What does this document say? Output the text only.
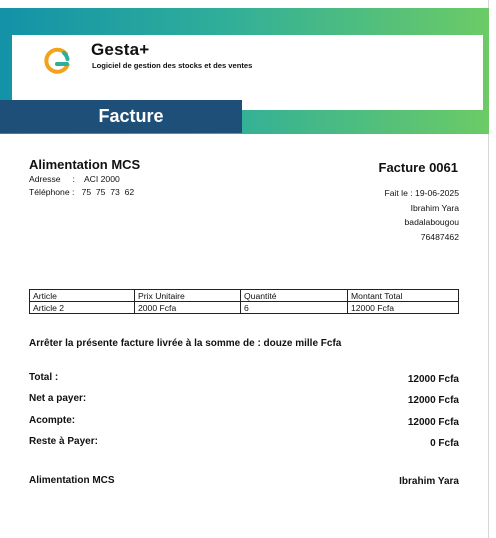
Gesta+
Logiciel de gestion des stocks et des ventes
Facture
puissant. Gérer facilement les aspects clé de votre entreprise dès aujourd'hui !
Alimentation MCS
Adresse     :    ACI 2000
Téléphone : 75  75  73  62
Facture 0061
Fait le : 19-06-2025
Ibrahim Yara
badalabougou
76487462
Article	Prix Unitaire	Quantité	Montant Total
Article 2	2000 Fcfa	6	12000 Fcfa
Arrêter la présente facture livrée à la somme de : douze mille Fcfa
Total :	12000 Fcfa
Net a payer:	12000 Fcfa
Acompte:	12000 Fcfa
Reste à Payer:	0 Fcfa
Alimentation MCS	Ibrahim Yara
